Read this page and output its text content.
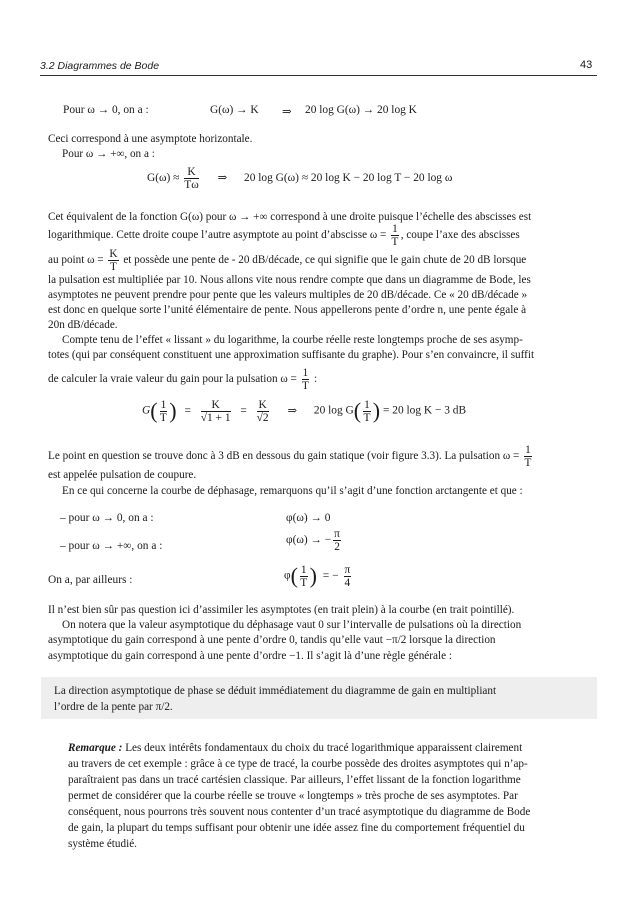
3.2 Diagrammes de Bode	43
Pour ω → 0, on a :	G(ω) → K ⇒ 20 log G(ω) → 20 log K
Ceci correspond à une asymptote horizontale.
Pour ω → +∞, on a :
$G(\omega) \approx \frac{K}{T\omega}$ ⇒ 20 log G(ω) ≈ 20 log K − 20 log T − 20 log ω
Cet équivalent de la fonction G(ω) pour ω → +∞ correspond à une droite puisque l’échelle des abscisses est
logarithmique. Cette droite coupe l’autre asymptote au point d’abscisse $\omega = \frac{1}{T}$ , coupe l’axe des abscisses
au point $\omega = \frac{K}{T}$ et possède une pente de - 20 dB/décade, ce qui signifie que le gain chute de 20 dB lorsque
la pulsation est multipliée par 10. Nous allons vite nous rendre compte que dans un diagramme de Bode, les
asymptotes ne peuvent prendre pour pente que les valeurs multiples de 20 dB/décade. Ce « 20 dB/décade »
est donc en quelque sorte l’unité élémentaire de pente. Nous appellerons pente d’ordre n, une pente égale à
20n dB/décade.
Compte tenu de l’effet « lissant » du logarithme, la courbe réelle reste longtemps proche de ses asymp-
totes (qui par conséquent constituent une approximation suffisante du graphe). Pour s’en convaincre, il suffit
de calculer la vraie valeur du gain pour la pulsation $\omega = \frac{1}{T}$ :
$G( \frac{1}{T}$ ) = $\frac{K}{√1 + 1} = \frac{K}{√2}$ ⇒ 20 $\log G( \frac{1}{T}$ ) = 20 log K − 3 dB
Le point en question se trouve donc à 3 dB en dessous du gain statique (voir figure 3.3). La pulsation $\omega = \frac{1}{T}$
est appelée pulsation de coupure.
En ce qui concerne la courbe de déphasage, remarquons qu’il s’agit d’une fonction arctangente et que :
– pour ω → 0, on a :	φ(ω) → 0
– pour ω → +∞, on a :	φ(ω) → − $\frac{\pi}{2}$
On a, par ailleurs :	$\varphi( \frac{1}{T}$ ) = − $\frac{\pi}{4}$
Il n’est bien sûr pas question ici d’assimiler les asymptotes (en trait plein) à la courbe (en trait pointillé).
On notera que la valeur asymptotique du déphasage vaut 0 sur l’intervalle de pulsations où la direction
asymptotique du gain correspond à une pente d’ordre 0, tandis qu’elle vaut −π/2 lorsque la direction
asymptotique du gain correspond à une pente d’ordre −1. Il s’agit là d’une règle générale :
La direction asymptotique de phase se déduit immédiatement du diagramme de gain en multipliant
l’ordre de la pente par π/2.
Remarque : Les deux intérêts fondamentaux du choix du tracé logarithmique apparaissent clairement
au travers de cet exemple : grâce à ce type de tracé, la courbe possède des droites asymptotes qui n’ap-
paraîtraient pas dans un tracé cartésien classique. Par ailleurs, l’effet lissant de la fonction logarithme
permet de considérer que la courbe réelle se trouve « longtemps » très proche de ses asymptotes. Par
conséquent, nous pourrons très souvent nous contenter d’un tracé asymptotique du diagramme de Bode
de gain, la plupart du temps suffisant pour obtenir une idée assez fine du comportement fréquentiel du
système étudié.
